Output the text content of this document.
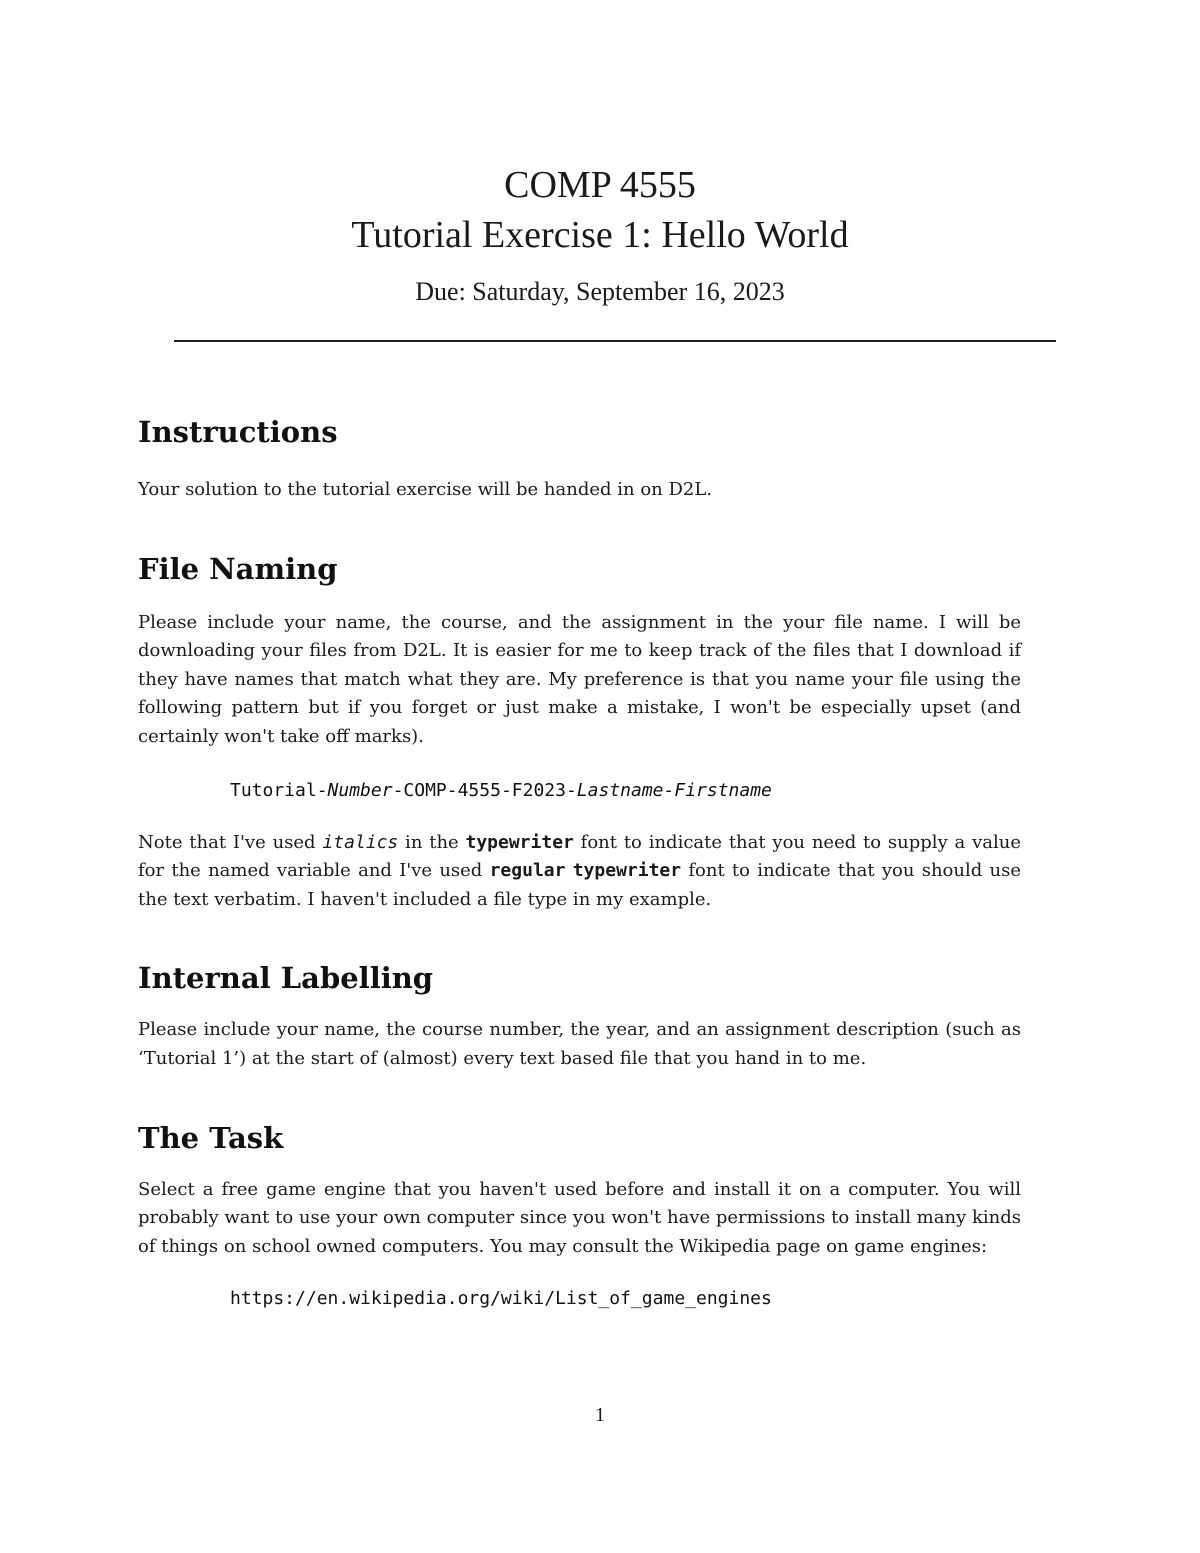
COMP 4555
Tutorial Exercise 1: Hello World
Due: Saturday, September 16, 2023
Instructions

Your solution to the tutorial exercise will be handed in on D2L.

File Naming

Please include your name, the course, and the assignment in the your file name. I will be downloading your files from D2L. It is easier for me to keep track of the files that I download if they have names that match what they are. My preference is that you name your file using the following pattern but if you forget or just make a mistake, I won't be especially upset (and certainly won't take off marks).

Tutorial-Number-COMP-4555-F2023-Lastname-Firstname

Note that I've used italics in the typewriter font to indicate that you need to supply a value for the named variable and I've used regular typewriter font to indicate that you should use the text verbatim. I haven't included a file type in my example.

Internal Labelling

Please include your name, the course number, the year, and an assignment description (such as ‘Tutorial 1’) at the start of (almost) every text based file that you hand in to me.

The Task

Select a free game engine that you haven't used before and install it on a computer. You will probably want to use your own computer since you won't have permissions to install many kinds of things on school owned computers. You may consult the Wikipedia page on game engines:

https://en.wikipedia.org/wiki/List_of_game_engines
1
